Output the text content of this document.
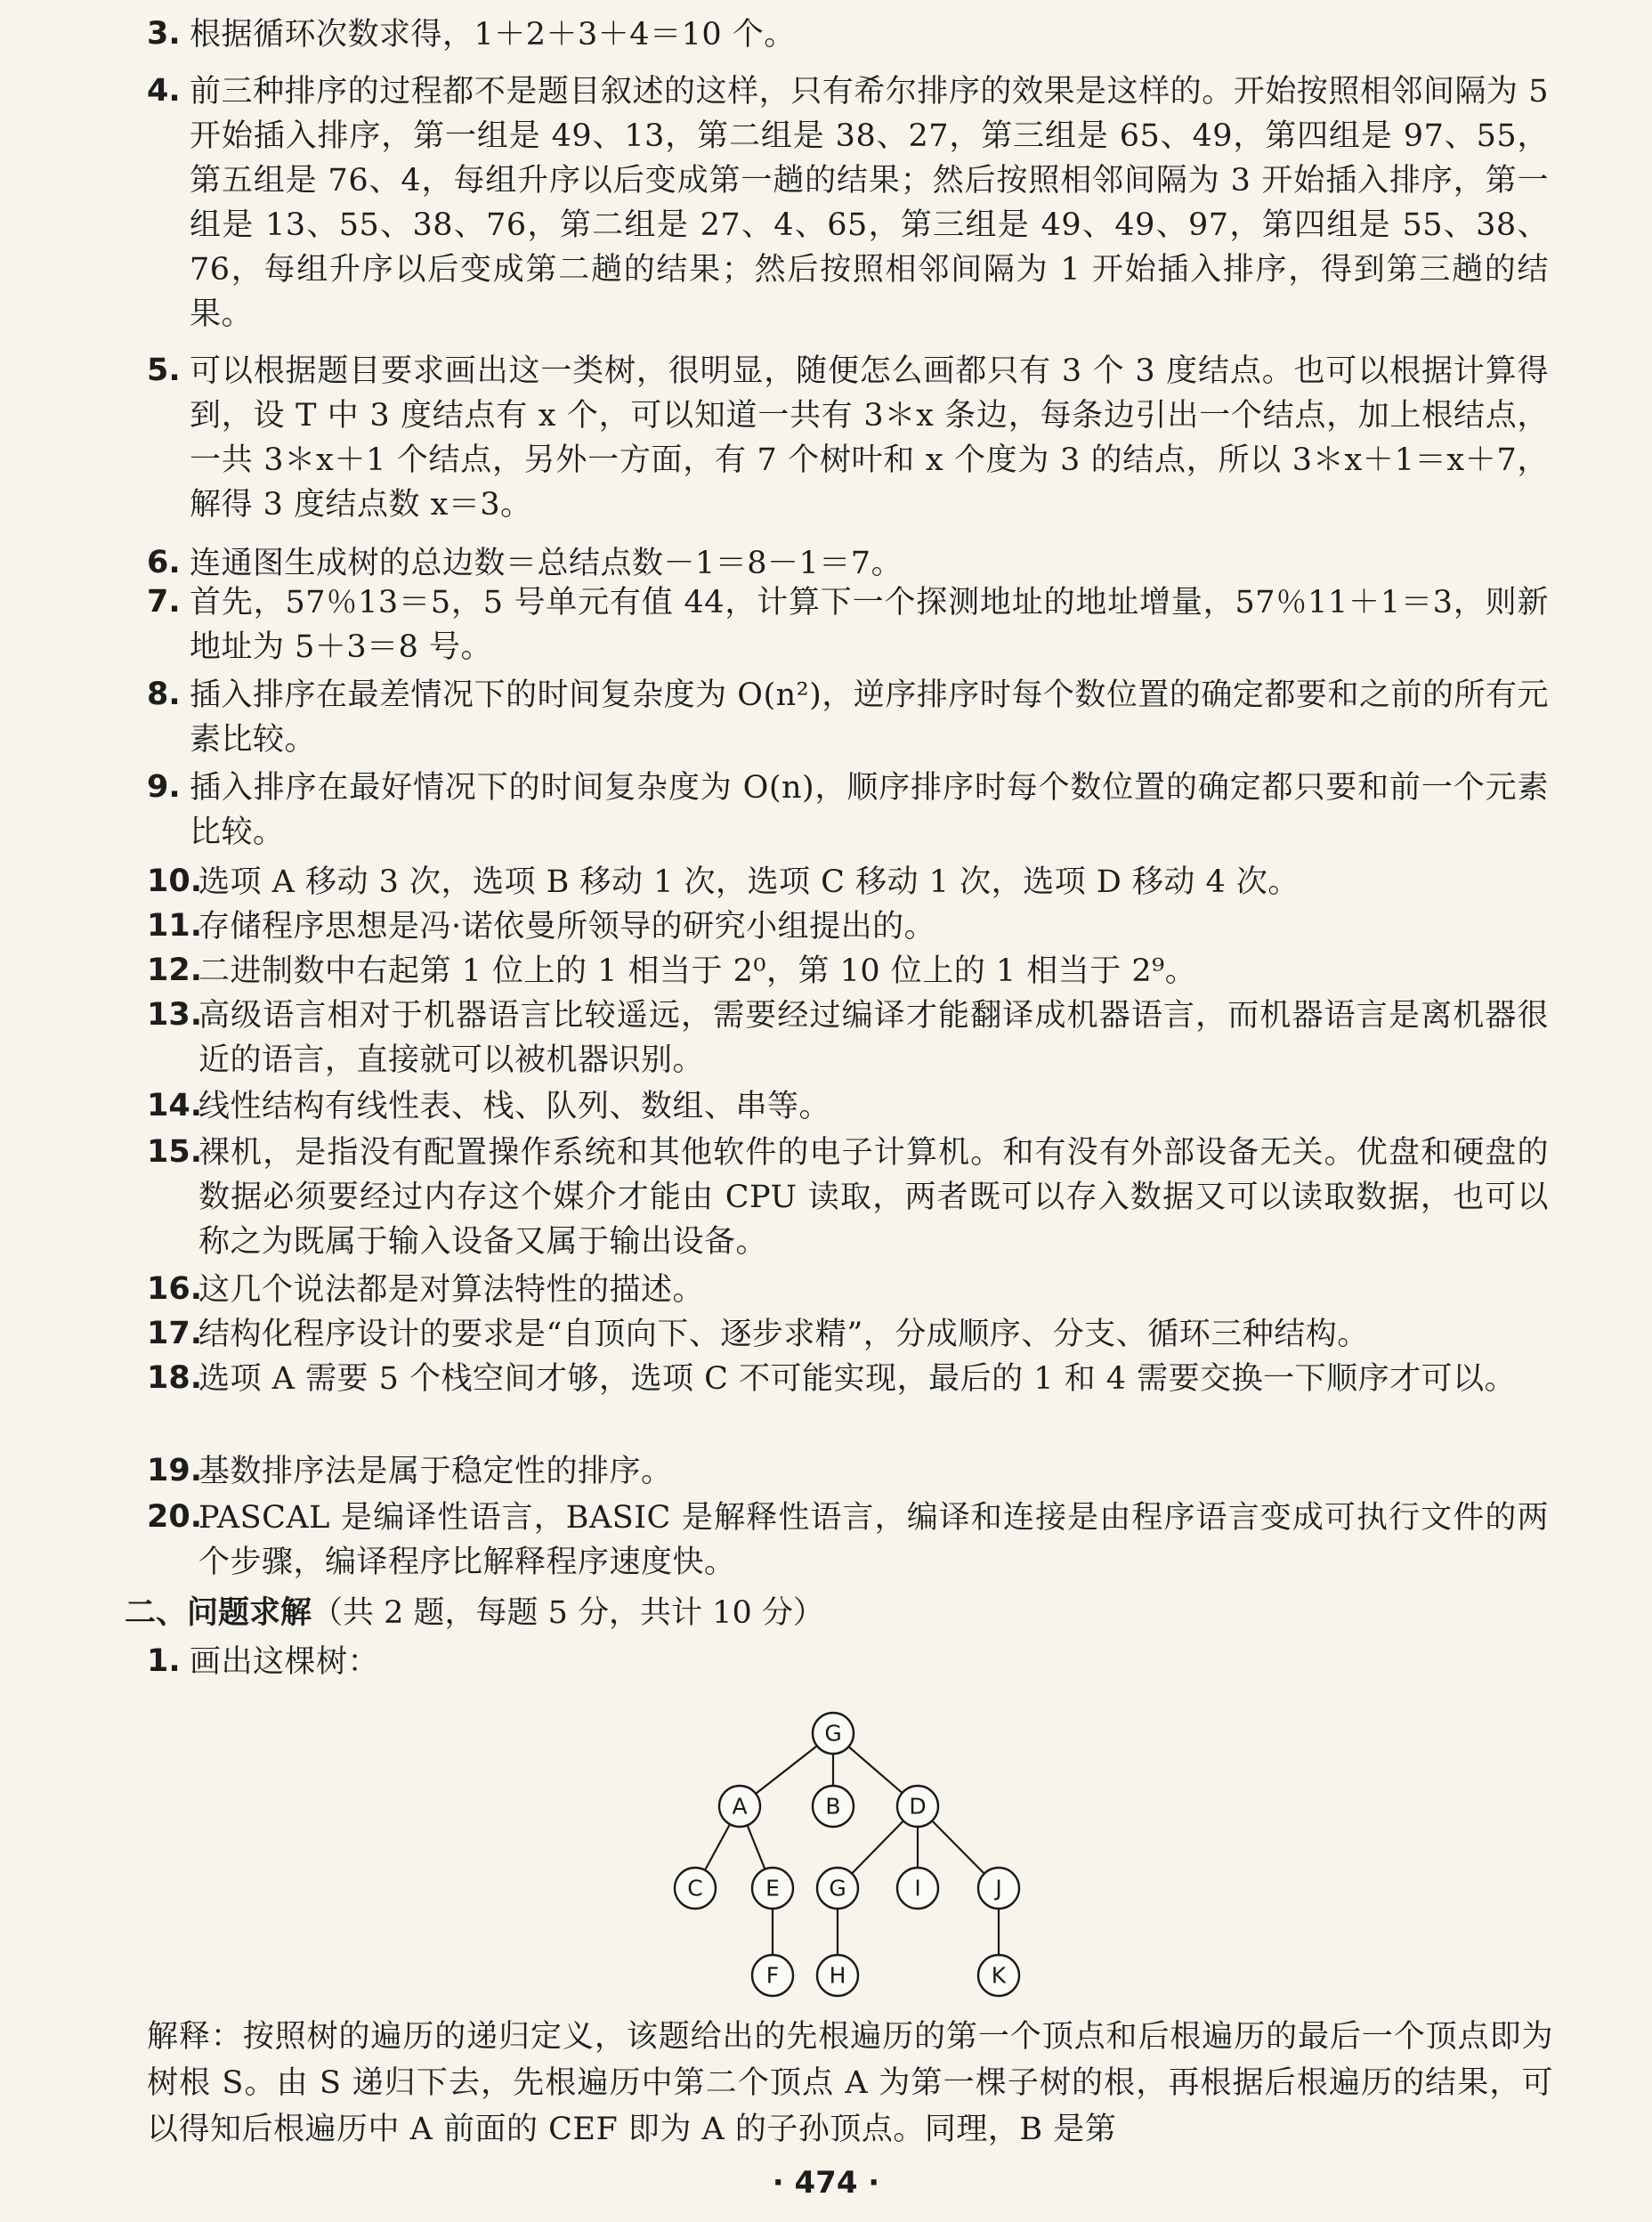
3. 根据循环次数求得，1＋2＋3＋4＝10 个。
4. 前三种排序的过程都不是题目叙述的这样，只有希尔排序的效果是这样的。开始按照相邻间隔为 5 开始插入排序，第一组是 49、13，第二组是 38、27，第三组是 65、49，第四组是 97、55，第五组是 76、4，每组升序以后变成第一趟的结果；然后按照相邻间隔为 3 开始插入排序，第一组是 13、55、38、76，第二组是 27、4、65，第三组是 49、49、97，第四组是 55、38、76，每组升序以后变成第二趟的结果；然后按照相邻间隔为 1 开始插入排序，得到第三趟的结果。
5. 可以根据题目要求画出这一类树，很明显，随便怎么画都只有 3 个 3 度结点。也可以根据计算得到，设 T 中 3 度结点有 x 个，可以知道一共有 3＊x 条边，每条边引出一个结点，加上根结点，一共 3＊x＋1 个结点，另外一方面，有 7 个树叶和 x 个度为 3 的结点，所以 3＊x＋1＝x＋7，解得 3 度结点数 x＝3。
6. 连通图生成树的总边数＝总结点数－1＝8－1＝7。
7. 首先，57％13＝5，5 号单元有值 44，计算下一个探测地址的地址增量，57％11＋1＝3，则新地址为 5＋3＝8 号。
8. 插入排序在最差情况下的时间复杂度为 O(n²)，逆序排序时每个数位置的确定都要和之前的所有元素比较。
9. 插入排序在最好情况下的时间复杂度为 O(n)，顺序排序时每个数位置的确定都只要和前一个元素比较。
10.
选项 A 移动 3 次，选项 B 移动 1 次，选项 C 移动 1 次，选项 D 移动 4 次。
11.
存储程序思想是冯·诺依曼所领导的研究小组提出的。
12.
二进制数中右起第 1 位上的 1 相当于 2⁰，第 10 位上的 1 相当于 2⁹。
13.
高级语言相对于机器语言比较遥远，需要经过编译才能翻译成机器语言，而机器语言是离机器很近的语言，直接就可以被机器识别。
14.
线性结构有线性表、栈、队列、数组、串等。
15.
裸机，是指没有配置操作系统和其他软件的电子计算机。和有没有外部设备无关。优盘和硬盘的数据必须要经过内存这个媒介才能由 CPU 读取，两者既可以存入数据又可以读取数据，也可以称之为既属于输入设备又属于输出设备。
16.
这几个说法都是对算法特性的描述。
17.
结构化程序设计的要求是“自顶向下、逐步求精”，分成顺序、分支、循环三种结构。
18.
选项 A 需要 5 个栈空间才够，选项 C 不可能实现，最后的 1 和 4 需要交换一下顺序才可以。
19.
基数排序法是属于稳定性的排序。
20.
PASCAL 是编译性语言，BASIC 是解释性语言，编译和连接是由程序语言变成可执行文件的两个步骤，编译程序比解释程序速度快。
二、问题求解（共 2 题，每题 5 分，共计 10 分）
1. 画出这棵树：
G
A	B	D
C	E G	I	J
F H	K
解释：按照树的遍历的递归定义，该题给出的先根遍历的第一个顶点和后根遍历的最后一个顶点即为树根 S。由 S 递归下去，先根遍历中第二个顶点 A 为第一棵子树的根，再根据后根遍历的结果，可以得知后根遍历中 A 前面的 CEF 即为 A 的子孙顶点。同理，B 是第
· 474 ·
